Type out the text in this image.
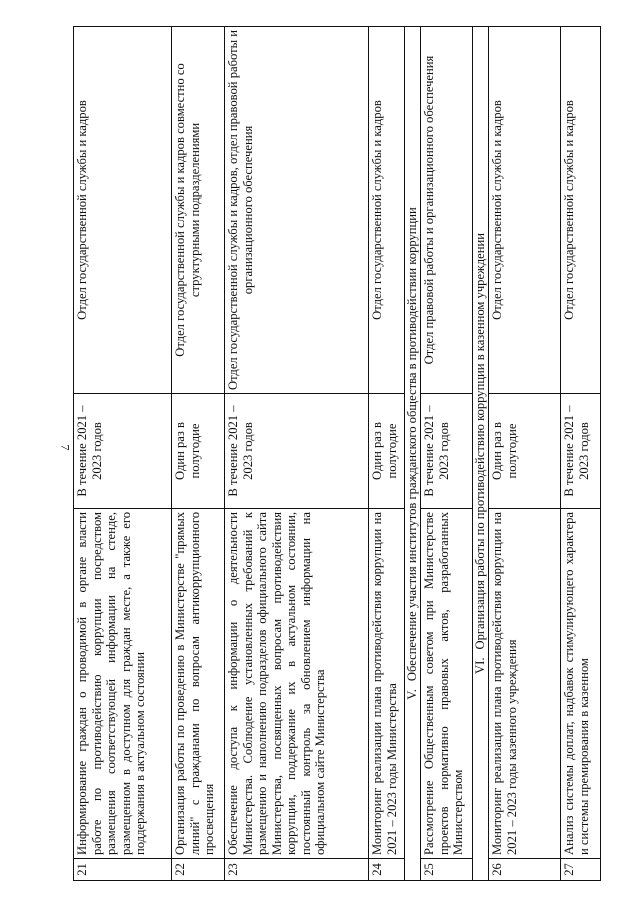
7
21	Информирование граждан о проводимой в органе власти работе по противодействию коррупции посредством размещения соответствующей информации на стенде, размещенном в доступном для граждан месте, а также его поддержания в актуальном состоянии	В течение 2021 – 2023 годов	Отдел государственной службы и кадров
22	Организация работы по проведению в Министерстве "прямых линий" с гражданами по вопросам антикоррупционного просвещения	Один раз в полугодие	Отдел государственной службы и кадров совместно со структурными подразделениями
23	Обеспечение доступа к информации о деятельности Министерства. Соблюдение установленных требований к размещению и наполнению подразделов официального сайта Министерства, посвященных вопросам противодействия коррупции, поддержание их в актуальном состоянии, постоянный контроль за обновлением информации на официальном сайте Министерства	В течение 2021 – 2023 годов	Отдел государственной службы и кадров, отдел правовой работы и организационного обеспечения
24	Мониторинг реализации плана противодействия коррупции на 2021 – 2023 годы Министерства	Один раз в полугодие	Отдел государственной службы и кадров
V.Обеспечение участия институтов гражданского общества в противодействии коррупции			
25	Рассмотрение Общественным советом при Министерстве проектов нормативно правовых актов, разработанных Министерством	В течение 2021 – 2023 годов	Отдел правовой работы и организационного обеспечения
VI.Организация работы по противодействию коррупции в казенном учреждении			
26	Мониторинг реализации плана противодействия коррупции на 2021 – 2023 годы казенного учреждения	Один раз в полугодие	Отдел государственной службы и кадров
27	Анализ системы доплат, надбавок стимулирующего характера и системы премирования в казенном	В течение 2021 – 2023 годов	Отдел государственной службы и кадров
